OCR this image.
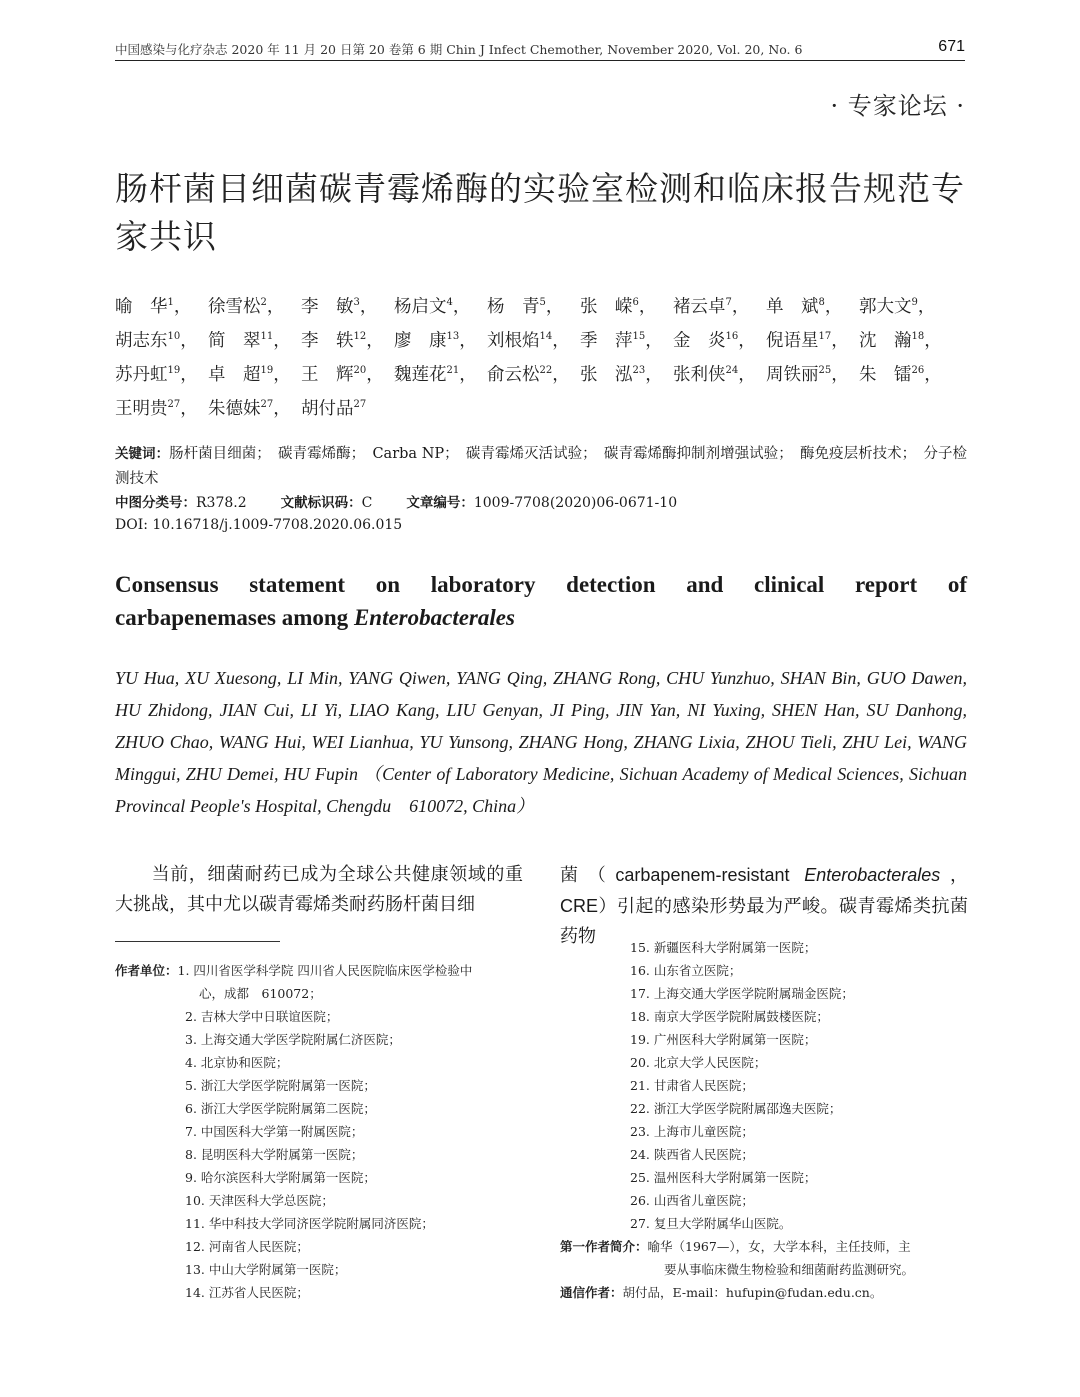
中国感染与化疗杂志 2020 年 11 月 20 日第 20 卷第 6 期 Chin J Infect Chemother, November 2020, Vol. 20, No. 6	671
· 专家论坛 ·
肠杆菌目细菌碳青霉烯酶的实验室检测和临床报告规范专家共识
喻　华$^1$， 徐雪松$^2$， 李　敏$^3$， 杨启文$^4$， 杨　青$^5$， 张　嵘$^6$， 褚云卓$^7$， 单　斌$^8$， 郭大文$^9$，胡志东$^{10}$， 简　翠$^{11}$， 李　轶$^{12}$， 廖　康$^{13}$， 刘根焰$^{14}$， 季　萍$^{15}$， 金　炎$^{16}$， 倪语星$^{17}$， 沈　瀚$^{18}$，苏丹虹$^{19}$， 卓　超$^{19}$， 王　辉$^{20}$， 魏莲花$^{21}$， 俞云松$^{22}$， 张　泓$^{23}$， 张利侠$^{24}$， 周铁丽$^{25}$， 朱　镭$^{26}$，王明贵$^{27}$， 朱德妹$^{27}$， 胡付品$^{27}$
关键词：肠杆菌目细菌；　碳青霉烯酶；　Carba NP；　碳青霉烯灭活试验；　碳青霉烯酶抑制剂增强试验；　酶免疫层析技术；　分子检测技术
中图分类号：R378.2	文献标识码：C	文章编号：1009-7708(2020)06-0671-10
DOI: 10.16718/j.1009-7708.2020.06.015
Consensus statement on laboratory detection and clinical report of
carbapenemases among Enterobacterales
YU Hua, XU Xuesong, LI Min, YANG Qiwen, YANG Qing, ZHANG Rong, CHU Yunzhuo, SHAN Bin, GUO Dawen, HU Zhidong, JIAN Cui, LI Yi, LIAO Kang, LIU Genyan, JI Ping, JIN Yan, NI Yuxing, SHEN Han, SU Danhong, ZHUO Chao, WANG Hui, WEI Lianhua, YU Yunsong, ZHANG Hong, ZHANG Lixia, ZHOU Tieli, ZHU Lei, WANG Minggui, ZHU Demei, HU Fupin （Center of Laboratory Medicine, Sichuan Academy of Medical Sciences, Sichuan Provincal People's Hospital, Chengdu　610072, China）
当前，细菌耐药已成为全球公共健康领域的重大挑战，其中尤以碳青霉烯类耐药肠杆菌目细
菌（carbapenem-resistant Enterobacterales， CRE）引起的感染形势最为严峻。碳青霉烯类抗菌药物
作者单位：1. 四川省医学科学院 四川省人民医院临床医学检验中
心，成都　610072；
2. 吉林大学中日联谊医院；
3. 上海交通大学医学院附属仁济医院；
4. 北京协和医院；
5. 浙江大学医学院附属第一医院；
6. 浙江大学医学院附属第二医院；
7. 中国医科大学第一附属医院；
8. 昆明医科大学附属第一医院；
9. 哈尔滨医科大学附属第一医院；
10. 天津医科大学总医院；
11. 华中科技大学同济医学院附属同济医院；
12. 河南省人民医院；
13. 中山大学附属第一医院；
14. 江苏省人民医院；
15. 新疆医科大学附属第一医院；
16. 山东省立医院；
17. 上海交通大学医学院附属瑞金医院；
18. 南京大学医学院附属鼓楼医院；
19. 广州医科大学附属第一医院；
20. 北京大学人民医院；
21. 甘肃省人民医院；
22. 浙江大学医学院附属邵逸夫医院；
23. 上海市儿童医院；
24. 陕西省人民医院；
25. 温州医科大学附属第一医院；
26. 山西省儿童医院；
27. 复旦大学附属华山医院。
第一作者简介：喻华（1967—），女，大学本科，主任技师，主
要从事临床微生物检验和细菌耐药监测研究。
通信作者：胡付品，E-mail：hufupin@fudan.edu.cn。
